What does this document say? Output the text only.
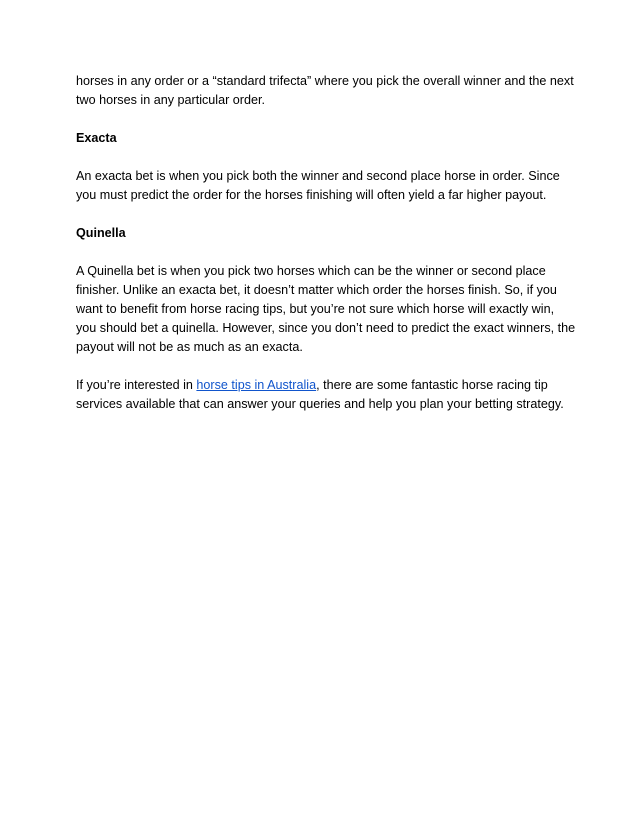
horses in any order or a “standard trifecta” where you pick the overall winner and the next two horses in any particular order.

Exacta

An exacta bet is when you pick both the winner and second place horse in order. Since you must predict the order for the horses finishing will often yield a far higher payout.

Quinella

A Quinella bet is when you pick two horses which can be the winner or second place finisher. Unlike an exacta bet, it doesn’t matter which order the horses finish. So, if you want to benefit from horse racing tips, but you’re not sure which horse will exactly win, you should bet a quinella. However, since you don’t need to predict the exact winners, the payout will not be as much as an exacta.

If you’re interested in horse tips in Australia, there are some fantastic horse racing tip services available that can answer your queries and help you plan your betting strategy.
